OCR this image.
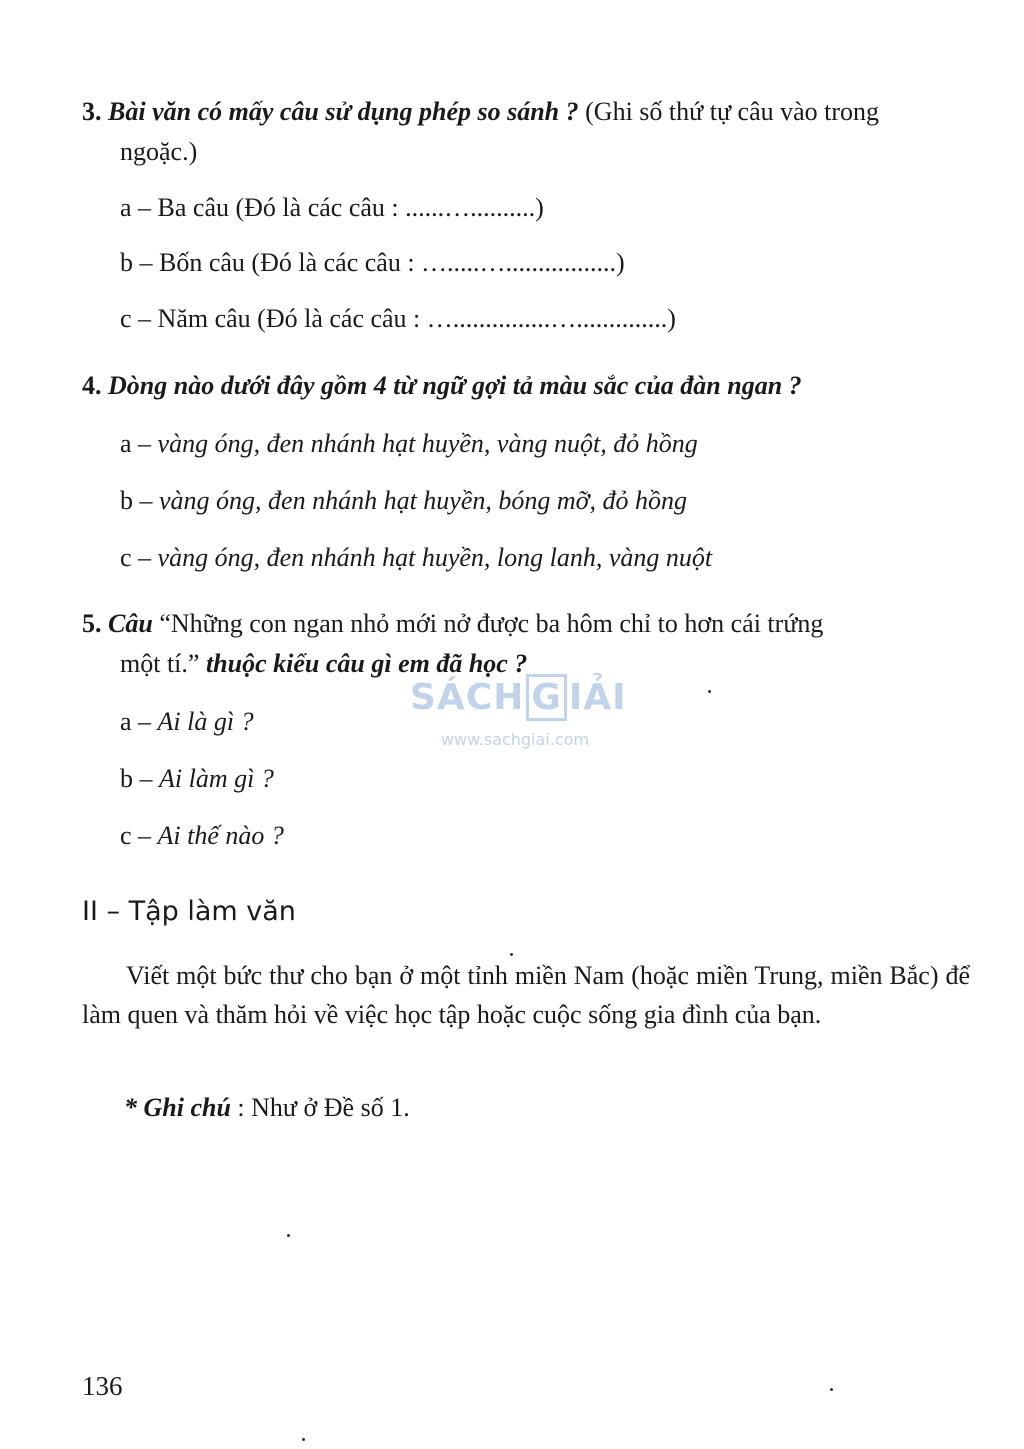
3. Bài văn có mấy câu sử dụng phép so sánh ? (Ghi số thứ tự câu vào trong
ngoặc.)
a – Ba câu (Đó là các câu : ......…..........)
b – Bốn câu (Đó là các câu : ….....….................)
c – Năm câu (Đó là các câu : …...............…..............)
4. Dòng nào dưới đây gồm 4 từ ngữ gợi tả màu sắc của đàn ngan ?
a – vàng óng, đen nhánh hạt huyền, vàng nuột, đỏ hồng
b – vàng óng, đen nhánh hạt huyền, bóng mỡ, đỏ hồng
c – vàng óng, đen nhánh hạt huyền, long lanh, vàng nuột
5. Câu “Những con ngan nhỏ mới nở được ba hôm chỉ to hơn cái trứng
một tí.” thuộc kiểu câu gì em đã học ?
a – Ai là gì ?
b – Ai làm gì ?
c – Ai thế nào ?
SÁCH G IẢI
www.sachgiai.com
II – Tập làm văn
Viết một bức thư cho bạn ở một tỉnh miền Nam (hoặc miền Trung, miền Bắc) để làm quen và thăm hỏi về việc học tập hoặc cuộc sống gia đình của bạn.
* Ghi chú : Như ở Đề số 1.
136
